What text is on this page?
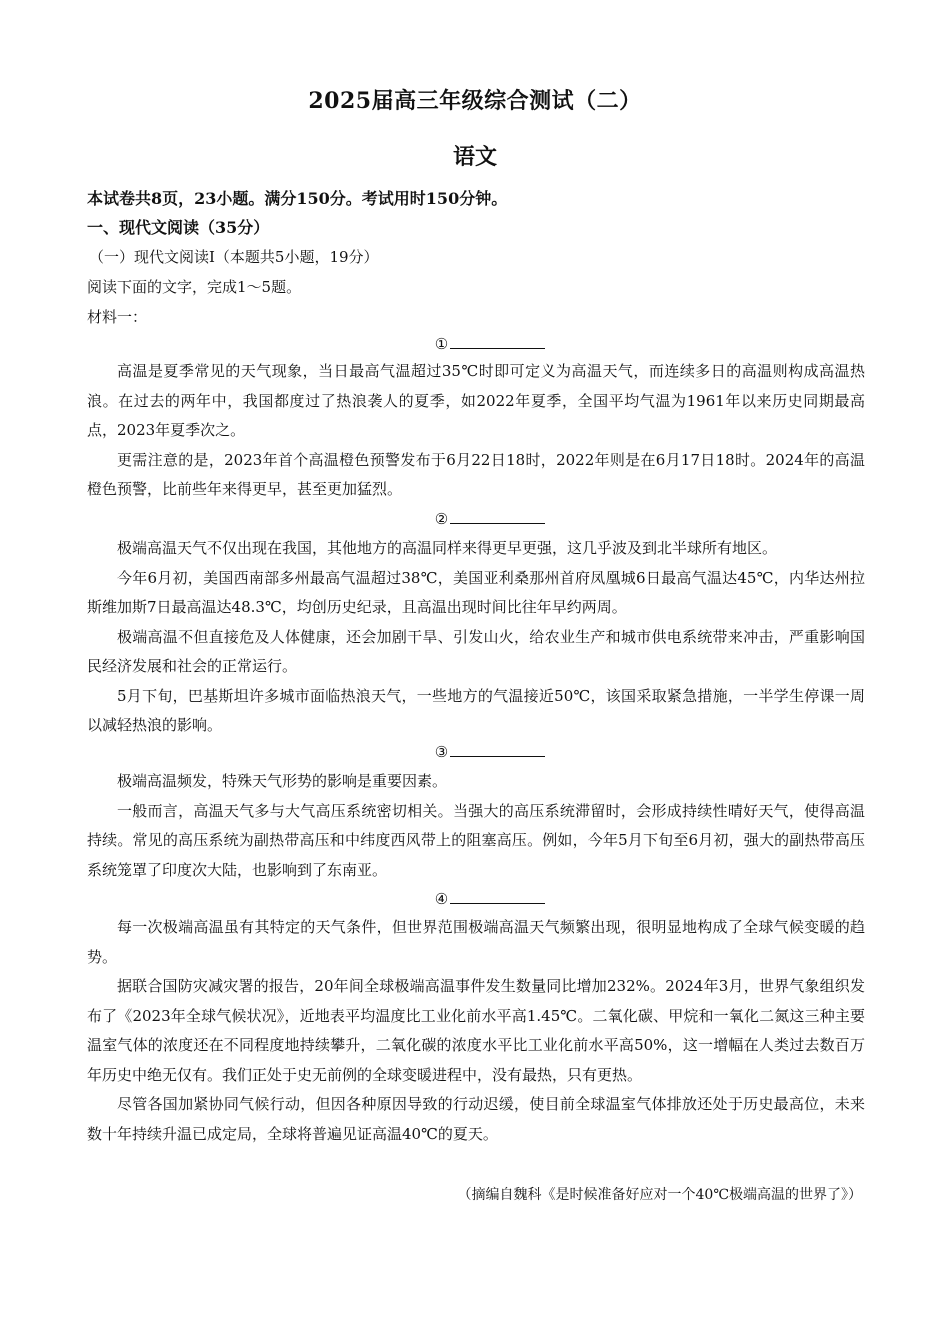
2025届高三年级综合测试（二）
语文
本试卷共8页，23小题。满分150分。考试用时150分钟。
一、现代文阅读（35分）
（一）现代文阅读Ⅰ（本题共5小题，19分）
阅读下面的文字，完成1～5题。
材料一：
①

高温是夏季常见的天气现象，当日最高气温超过35℃时即可定义为高温天气，而连续多日的高温则构成高温热浪。在过去的两年中，我国都度过了热浪袭人的夏季，如2022年夏季，全国平均气温为1961年以来历史同期最高点，2023年夏季次之。

更需注意的是，2023年首个高温橙色预警发布于6月22日18时，2022年则是在6月17日18时。2024年的高温橙色预警，比前些年来得更早，甚至更加猛烈。

②

极端高温天气不仅出现在我国，其他地方的高温同样来得更早更强，这几乎波及到北半球所有地区。

今年6月初，美国西南部多州最高气温超过38℃，美国亚利桑那州首府凤凰城6日最高气温达45℃，内华达州拉斯维加斯7日最高温达48.3℃，均创历史纪录，且高温出现时间比往年早约两周。

极端高温不但直接危及人体健康，还会加剧干旱、引发山火，给农业生产和城市供电系统带来冲击，严重影响国民经济发展和社会的正常运行。

5月下旬，巴基斯坦许多城市面临热浪天气，一些地方的气温接近50℃，该国采取紧急措施，一半学生停课一周以减轻热浪的影响。

③

极端高温频发，特殊天气形势的影响是重要因素。

一般而言，高温天气多与大气高压系统密切相关。当强大的高压系统滞留时，会形成持续性晴好天气，使得高温持续。常见的高压系统为副热带高压和中纬度西风带上的阻塞高压。例如，今年5月下旬至6月初，强大的副热带高压系统笼罩了印度次大陆，也影响到了东南亚。

④

每一次极端高温虽有其特定的天气条件，但世界范围极端高温天气频繁出现，很明显地构成了全球气候变暖的趋势。

据联合国防灾减灾署的报告，20年间全球极端高温事件发生数量同比增加232%。2024年3月，世界气象组织发布了《2023年全球气候状况》，近地表平均温度比工业化前水平高1.45℃。二氧化碳、甲烷和一氧化二氮这三种主要温室气体的浓度还在不同程度地持续攀升，二氧化碳的浓度水平比工业化前水平高50%，这一增幅在人类过去数百万年历史中绝无仅有。我们正处于史无前例的全球变暖进程中，没有最热，只有更热。

尽管各国加紧协同气候行动，但因各种原因导致的行动迟缓，使目前全球温室气体排放还处于历史最高位，未来数十年持续升温已成定局，全球将普遍见证高温40℃的夏天。

（摘编自魏科《是时候准备好应对一个40℃极端高温的世界了》）
